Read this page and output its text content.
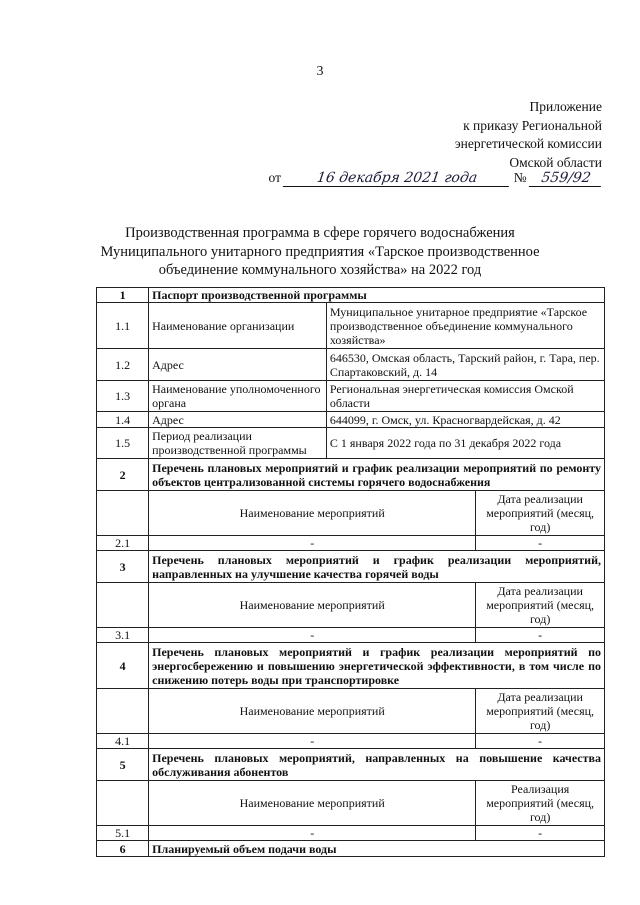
3
Приложение
к приказу Региональной
энергетической комиссии
Омской области
от	16 декабря 2021 года	№ 559/92
Производственная программа в сфере горячего водоснабжения
Муниципального унитарного предприятия «Тарское производственное
объединение коммунального хозяйства» на 2022 год
1	Паспорт производственной программы		
1.1	Наименование организации	Муниципальное унитарное предприятие «Тарское производственное объединение коммунального хозяйства»	
1.2	Адрес	646530, Омская область, Тарский район, г. Тара, пер. Спартаковский, д. 14	
1.3	Наименование уполномоченного органа	Региональная энергетическая комиссия Омской области	
1.4	Адрес	644099, г. Омск, ул. Красногвардейская, д. 42	
1.5	Период реализации производственной программы	С 1 января 2022 года по 31 декабря 2022 года	
2	Перечень плановых мероприятий и график реализации мероприятий по ремонту объектов централизованной системы горячего водоснабжения		
	Наименование мероприятий		Дата реализации мероприятий (месяц, год)
2.1	-		-
3	Перечень плановых мероприятий и график реализации мероприятий, направленных на улучшение качества горячей воды		
	Наименование мероприятий		Дата реализации мероприятий (месяц, год)
3.1	-		-
4	Перечень плановых мероприятий и график реализации мероприятий по энергосбережению и повышению энергетической эффективности, в том числе по снижению потерь воды при транспортировке		
	Наименование мероприятий		Дата реализации мероприятий (месяц, год)
4.1	-		-
5	Перечень плановых мероприятий, направленных на повышение качества обслуживания абонентов		
	Наименование мероприятий		Реализация мероприятий (месяц, год)
5.1	-		-
6	Планируемый объем подачи воды		
